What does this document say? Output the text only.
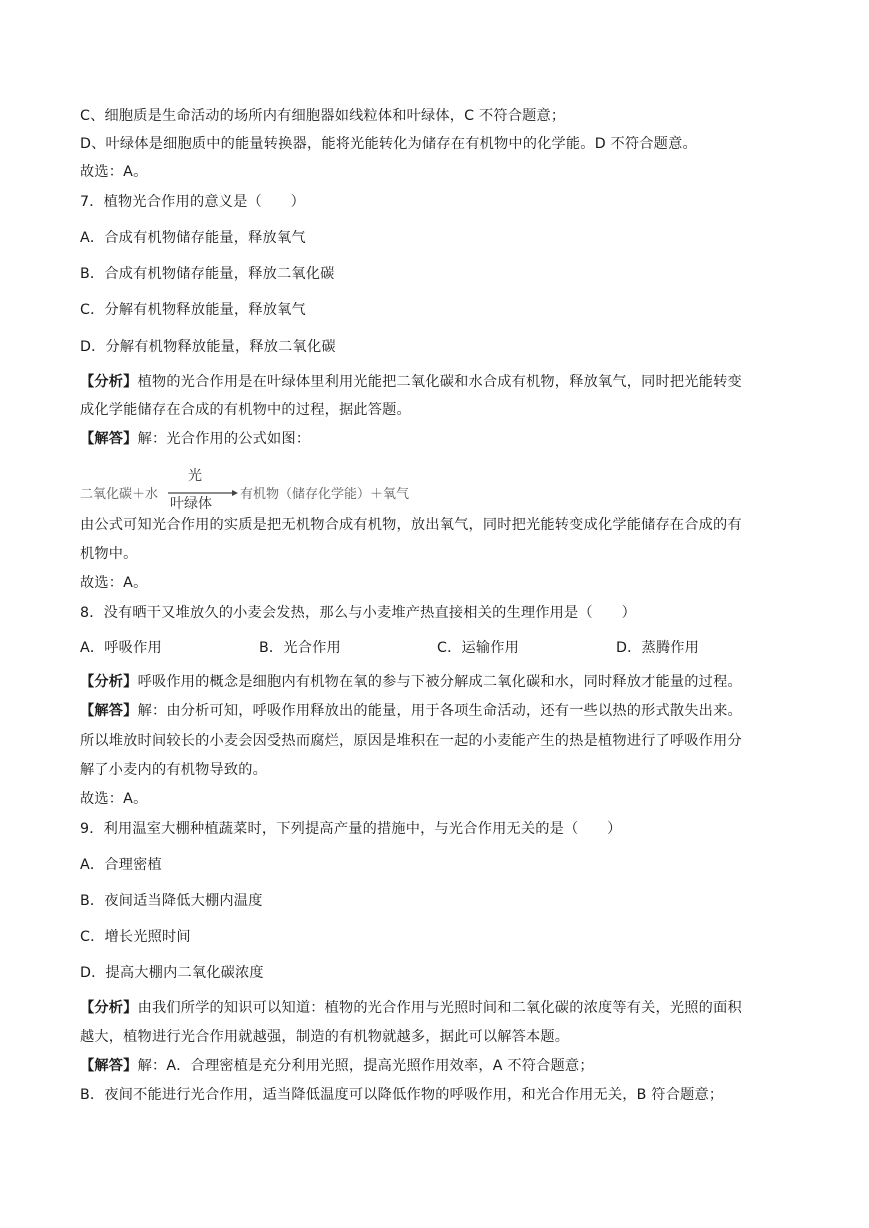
C、细胞质是生命活动的场所内有细胞器如线粒体和叶绿体，C 不符合题意；
D、叶绿体是细胞质中的能量转换器，能将光能转化为储存在有机物中的化学能。D 不符合题意。
故选：A。
7．植物光合作用的意义是（　　）
A．合成有机物储存能量，释放氧气
B．合成有机物储存能量，释放二氧化碳
C．分解有机物释放能量，释放氧气
D．分解有机物释放能量，释放二氧化碳
【分析】植物的光合作用是在叶绿体里利用光能把二氧化碳和水合成有机物，释放氧气，同时把光能转变
成化学能储存在合成的有机物中的过程，据此答题。
【解答】解：光合作用的公式如图：
二氧化碳＋水
光
叶绿体
有机物（储存化学能）＋氧气
由公式可知光合作用的实质是把无机物合成有机物，放出氧气，同时把光能转变成化学能储存在合成的有
机物中。
故选：A。
8．没有晒干又堆放久的小麦会发热，那么与小麦堆产热直接相关的生理作用是（　　）
A．呼吸作用	B．光合作用	C．运输作用	D．蒸腾作用
【分析】呼吸作用的概念是细胞内有机物在氧的参与下被分解成二氧化碳和水，同时释放才能量的过程。
【解答】解：由分析可知，呼吸作用释放出的能量，用于各项生命活动，还有一些以热的形式散失出来。
所以堆放时间较长的小麦会因受热而腐烂，原因是堆积在一起的小麦能产生的热是植物进行了呼吸作用分
解了小麦内的有机物导致的。
故选：A。
9．利用温室大棚种植蔬菜时，下列提高产量的措施中，与光合作用无关的是（　　）
A．合理密植
B．夜间适当降低大棚内温度
C．增长光照时间
D．提高大棚内二氧化碳浓度
【分析】由我们所学的知识可以知道：植物的光合作用与光照时间和二氧化碳的浓度等有关，光照的面积
越大，植物进行光合作用就越强，制造的有机物就越多，据此可以解答本题。
【解答】解：A．合理密植是充分利用光照，提高光照作用效率，A 不符合题意；
B．夜间不能进行光合作用，适当降低温度可以降低作物的呼吸作用，和光合作用无关，B 符合题意；
